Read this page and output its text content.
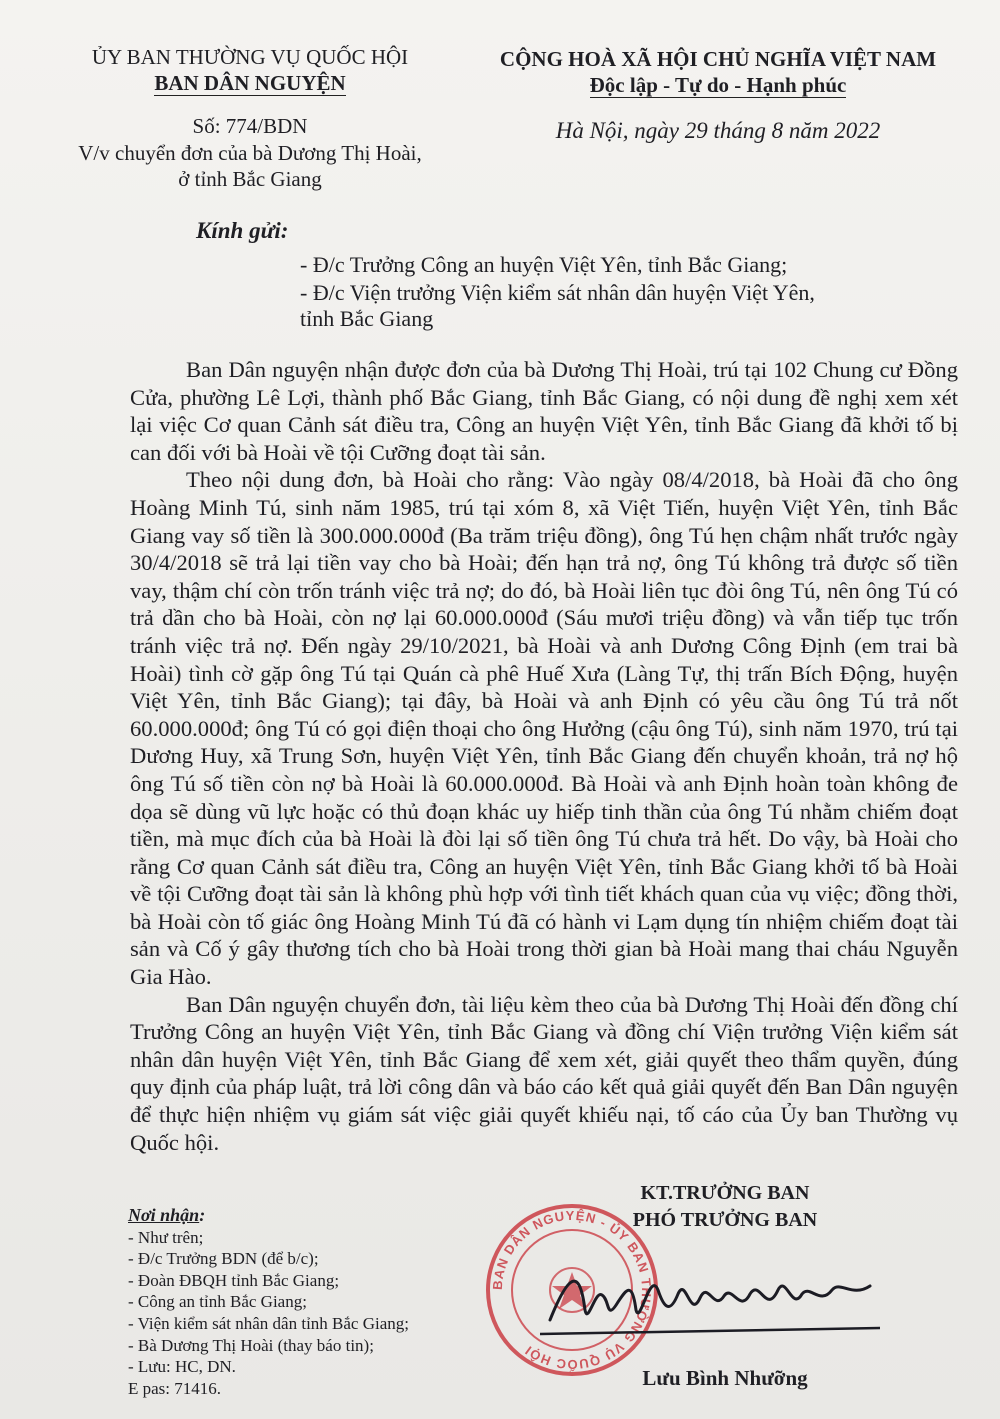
ỦY BAN THƯỜNG VỤ QUỐC HỘI
BAN DÂN NGUYỆN
CỘNG HOÀ XÃ HỘI CHỦ NGHĨA VIỆT NAM
Độc lập - Tự do - Hạnh phúc
Số: 774/BDN
V/v chuyển đơn của bà Dương Thị Hoài,
ở tỉnh Bắc Giang
Hà Nội, ngày 29 tháng 8 năm 2022
Kính gửi:
- Đ/c Trưởng Công an huyện Việt Yên, tỉnh Bắc Giang;
- Đ/c Viện trưởng Viện kiểm sát nhân dân huyện Việt Yên,
tỉnh Bắc Giang

Ban Dân nguyện nhận được đơn của bà Dương Thị Hoài, trú tại 102 Chung cư Đồng Cửa, phường Lê Lợi, thành phố Bắc Giang, tỉnh Bắc Giang, có nội dung đề nghị xem xét lại việc Cơ quan Cảnh sát điều tra, Công an huyện Việt Yên, tỉnh Bắc Giang đã khởi tố bị can đối với bà Hoài về tội Cưỡng đoạt tài sản.

Theo nội dung đơn, bà Hoài cho rằng: Vào ngày 08/4/2018, bà Hoài đã cho ông Hoàng Minh Tú, sinh năm 1985, trú tại xóm 8, xã Việt Tiến, huyện Việt Yên, tỉnh Bắc Giang vay số tiền là 300.000.000đ (Ba trăm triệu đồng), ông Tú hẹn chậm nhất trước ngày 30/4/2018 sẽ trả lại tiền vay cho bà Hoài; đến hạn trả nợ, ông Tú không trả được số tiền vay, thậm chí còn trốn tránh việc trả nợ; do đó, bà Hoài liên tục đòi ông Tú, nên ông Tú có trả dần cho bà Hoài, còn nợ lại 60.000.000đ (Sáu mươi triệu đồng) và vẫn tiếp tục trốn tránh việc trả nợ. Đến ngày 29/10/2021, bà Hoài và anh Dương Công Định (em trai bà Hoài) tình cờ gặp ông Tú tại Quán cà phê Huế Xưa (Làng Tự, thị trấn Bích Động, huyện Việt Yên, tỉnh Bắc Giang); tại đây, bà Hoài và anh Định có yêu cầu ông Tú trả nốt 60.000.000đ; ông Tú có gọi điện thoại cho ông Hưởng (cậu ông Tú), sinh năm 1970, trú tại Dương Huy, xã Trung Sơn, huyện Việt Yên, tỉnh Bắc Giang đến chuyển khoản, trả nợ hộ ông Tú số tiền còn nợ bà Hoài là 60.000.000đ. Bà Hoài và anh Định hoàn toàn không đe dọa sẽ dùng vũ lực hoặc có thủ đoạn khác uy hiếp tinh thần của ông Tú nhằm chiếm đoạt tiền, mà mục đích của bà Hoài là đòi lại số tiền ông Tú chưa trả hết. Do vậy, bà Hoài cho rằng Cơ quan Cảnh sát điều tra, Công an huyện Việt Yên, tỉnh Bắc Giang khởi tố bà Hoài về tội Cưỡng đoạt tài sản là không phù hợp với tình tiết khách quan của vụ việc; đồng thời, bà Hoài còn tố giác ông Hoàng Minh Tú đã có hành vi Lạm dụng tín nhiệm chiếm đoạt tài sản và Cố ý gây thương tích cho bà Hoài trong thời gian bà Hoài mang thai cháu Nguyễn Gia Hào.

Ban Dân nguyện chuyển đơn, tài liệu kèm theo của bà Dương Thị Hoài đến đồng chí Trưởng Công an huyện Việt Yên, tỉnh Bắc Giang và đồng chí Viện trưởng Viện kiểm sát nhân dân huyện Việt Yên, tỉnh Bắc Giang để xem xét, giải quyết theo thẩm quyền, đúng quy định của pháp luật, trả lời công dân và báo cáo kết quả giải quyết đến Ban Dân nguyện để thực hiện nhiệm vụ giám sát việc giải quyết khiếu nại, tố cáo của Ủy ban Thường vụ Quốc hội.

Nơi nhận:
- Như trên;
- Đ/c Trưởng BDN (để b/c);
- Đoàn ĐBQH tỉnh Bắc Giang;
- Công an tỉnh Bắc Giang;
- Viện kiểm sát nhân dân tỉnh Bắc Giang;
- Bà Dương Thị Hoài (thay báo tin);
- Lưu: HC, DN.
E pas: 71416.
KT.TRƯỞNG BAN
PHÓ TRƯỞNG BAN
BAN DÂN NGUYỆN - ỦY BAN THƯỜNG VỤ QUỐC HỘI
Lưu Bình Nhưỡng
